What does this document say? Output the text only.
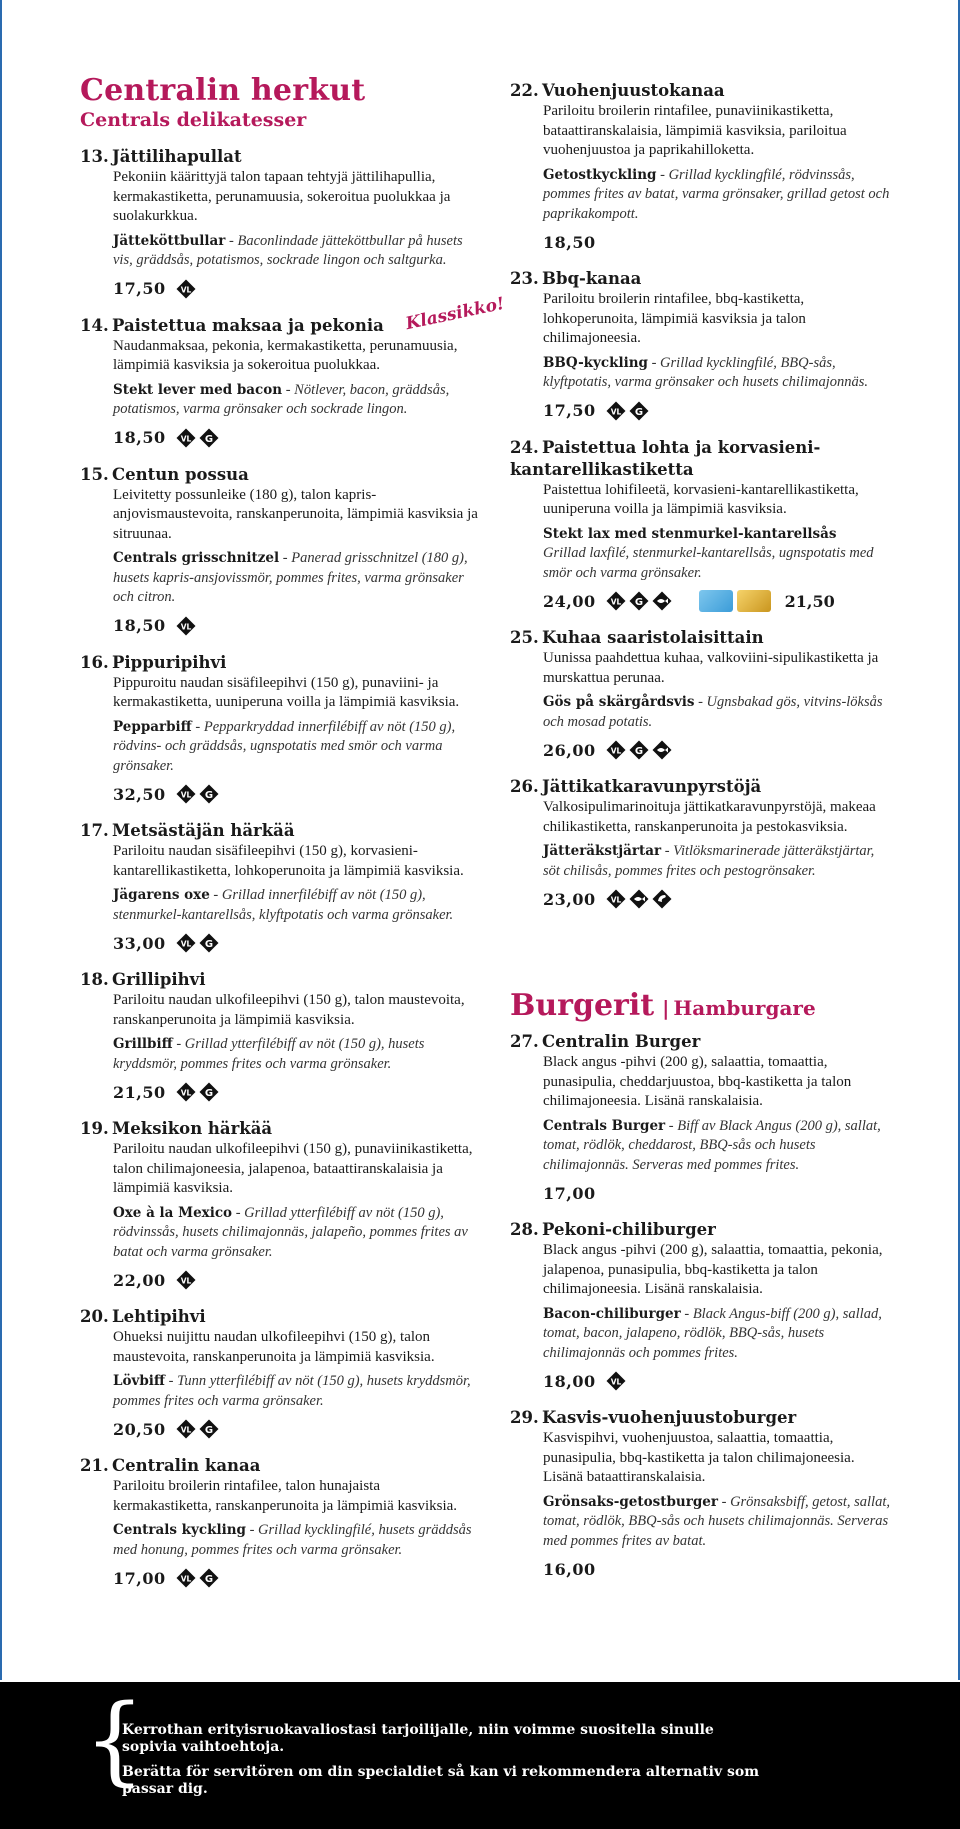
Centralin herkut
Centrals delikatesser
13. Jättilihapullat
Pekoniin käärittyjä talon tapaan tehtyjä jättilihapullia, kermakastiketta, perunamuusia, sokeroitua puolukkaa ja suolakurkkua.
Jätteköttbullar - Baconlindade jätteköttbullar på husets vis, gräddsås, potatismos, sockrade lingon och saltgurka.
17,50 VL
14. Paistettua maksaa ja pekonia Klassikko!
Naudanmaksaa, pekonia, kermakastiketta, perunamuusia, lämpimiä kasviksia ja sokeroitua puolukkaa.
Stekt lever med bacon - Nötlever, bacon, gräddsås, potatismos, varma grönsaker och sockrade lingon.
18,50 VL G
15. Centun possua
Leivitetty possunleike (180 g), talon kapris-anjovismaustevoita, ranskanperunoita, lämpimiä kasviksia ja sitruunaa.
Centrals grisschnitzel - Panerad grisschnitzel (180 g), husets kapris-ansjovissmör, pommes frites, varma grönsaker och citron.
18,50 VL
16. Pippuripihvi
Pippuroitu naudan sisäfileepihvi (150 g), punaviini- ja kermakastiketta, uuniperuna voilla ja lämpimiä kasviksia.
Pepparbiff - Pepparkryddad innerfilébiff av nöt (150 g), rödvins- och gräddsås, ugnspotatis med smör och varma grönsaker.
32,50 VL G
17. Metsästäjän härkää
Pariloitu naudan sisäfileepihvi (150 g), korvasieni-kantarellikastiketta, lohkoperunoita ja lämpimiä kasviksia.
Jägarens oxe - Grillad innerfilébiff av nöt (150 g), stenmurkel-kantarellsås, klyftpotatis och varma grönsaker.
33,00 VL G
18. Grillipihvi
Pariloitu naudan ulkofileepihvi (150 g), talon maustevoita, ranskanperunoita ja lämpimiä kasviksia.
Grillbiff - Grillad ytterfilébiff av nöt (150 g), husets kryddsmör, pommes frites och varma grönsaker.
21,50 VL G
19. Meksikon härkää
Pariloitu naudan ulkofileepihvi (150 g), punaviinikastiketta, talon chilimajoneesia, jalapenoa, bataattiranskalaisia ja lämpimiä kasviksia.
Oxe à la Mexico - Grillad ytterfilébiff av nöt (150 g), rödvinssås, husets chilimajonnäs, jalapeño, pommes frites av batat och varma grönsaker.
22,00 VL
20. Lehtipihvi
Ohueksi nuijittu naudan ulkofileepihvi (150 g), talon maustevoita, ranskanperunoita ja lämpimiä kasviksia.
Lövbiff - Tunn ytterfilébiff av nöt (150 g), husets kryddsmör, pommes frites och varma grönsaker.
20,50 VL G
21. Centralin kanaa
Pariloitu broilerin rintafilee, talon hunajaista kermakastiketta, ranskanperunoita ja lämpimiä kasviksia.
Centrals kyckling - Grillad kycklingfilé, husets gräddsås med honung, pommes frites och varma grönsaker.
17,00 VL G
22. Vuohenjuustokanaa
Pariloitu broilerin rintafilee, punaviinikastiketta, bataattiranskalaisia, lämpimiä kasviksia, pariloitua vuohenjuustoa ja paprikahilloketta.
Getostkyckling - Grillad kycklingfilé, rödvinssås, pommes frites av batat, varma grönsaker, grillad getost och paprikakompott.
18,50
23. Bbq-kanaa
Pariloitu broilerin rintafilee, bbq-kastiketta, lohkoperunoita, lämpimiä kasviksia ja talon chilimajoneesia.
BBQ-kyckling - Grillad kycklingfilé, BBQ-sås, klyftpotatis, varma grönsaker och husets chilimajonnäs.
17,50 VL G
24. Paistettua lohta ja korvasieni-kantarellikastiketta
Paistettua lohifileetä, korvasieni-kantarellikastiketta, uuniperuna voilla ja lämpimiä kasviksia.
Stekt lax med stenmurkel-kantarellsås
Grillad laxfilé, stenmurkel-kantarellsås, ugnspotatis med smör och varma grönsaker.
24,00 VL G	21,50
25. Kuhaa saaristolaisittain
Uunissa paahdettua kuhaa, valkoviini-sipulikastiketta ja murskattua perunaa.
Gös på skärgårdsvis - Ugnsbakad gös, vitvins-löksås och mosad potatis.
26,00 VL G
26. Jättikatkaravunpyrstöjä
Valkosipulimarinoituja jättikatkaravunpyrstöjä, makeaa chilikastiketta, ranskanperunoita ja pestokasviksia.
Jätteräkstjärtar - Vitlöksmarinerade jätteräkstjärtar, söt chilisås, pommes frites och pestogrönsaker.
23,00 VL
Burgerit | Hamburgare
27. Centralin Burger
Black angus -pihvi (200 g), salaattia, tomaattia, punasipulia, cheddarjuustoa, bbq-kastiketta ja talon chilimajoneesia. Lisänä ranskalaisia.
Centrals Burger - Biff av Black Angus (200 g), sallat, tomat, rödlök, cheddarost, BBQ-sås och husets chilimajonnäs. Serveras med pommes frites.
17,00
28. Pekoni-chiliburger
Black angus -pihvi (200 g), salaattia, tomaattia, pekonia, jalapenoa, punasipulia, bbq-kastiketta ja talon chilimajoneesia. Lisänä ranskalaisia.
Bacon-chiliburger - Black Angus-biff (200 g), sallad, tomat, bacon, jalapeno, rödlök, BBQ-sås, husets chilimajonnäs och pommes frites.
18,00 VL
29. Kasvis-vuohenjuustoburger
Kasvispihvi, vuohenjuustoa, salaattia, tomaattia, punasipulia, bbq-kastiketta ja talon chilimajoneesia. Lisänä bataattiranskalaisia.
Grönsaks-getostburger - Grönsaksbiff, getost, sallat, tomat, rödlök, BBQ-sås och husets chilimajonnäs. Serveras med pommes frites av batat.
16,00
{

Kerrothan erityisruokavaliostasi tarjoilijalle, niin voimme suositella sinulle sopivia vaihtoehtoja.

Berätta för servitören om din specialdiet så kan vi rekommendera alternativ som passar dig.
